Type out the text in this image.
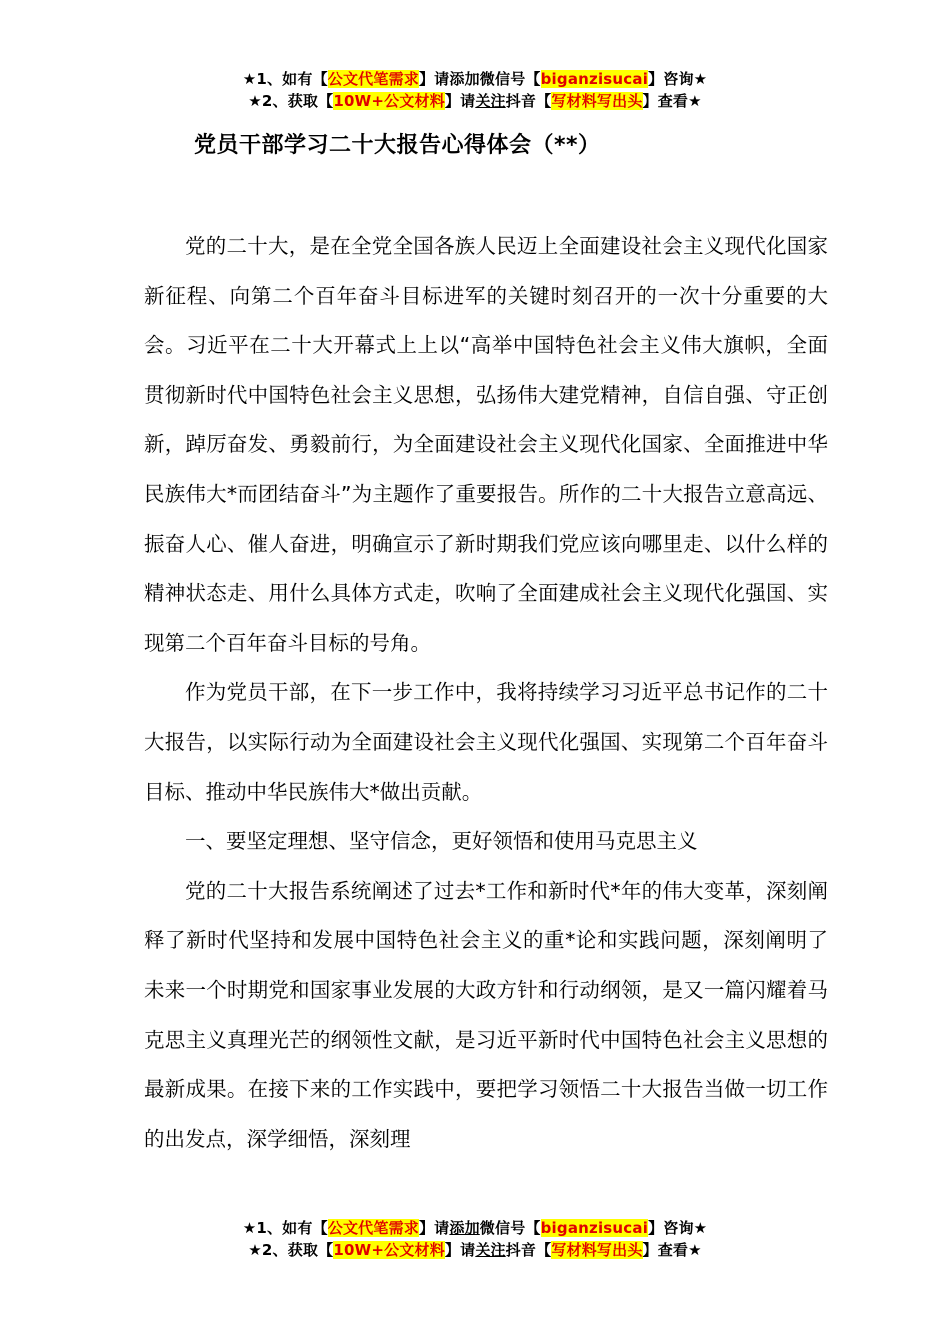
★1、如有【公文代笔需求】请添加微信号【biganzisucai】咨询★
★2、获取【10W+公文材料】请关注抖音【写材料写出头】查看★
党员干部学习二十大报告心得体会（**）

党的二十大，是在全党全国各族人民迈上全面建设社会主义现代化国家新征程、向第二个百年奋斗目标进军的关键时刻召开的一次十分重要的大会。习近平在二十大开幕式上上以“高举中国特色社会主义伟大旗帜，全面贯彻新时代中国特色社会主义思想，弘扬伟大建党精神，自信自强、守正创新，踔厉奋发、勇毅前行，为全面建设社会主义现代化国家、全面推进中华民族伟大*而团结奋斗”为主题作了重要报告。所作的二十大报告立意高远、振奋人心、催人奋进，明确宣示了新时期我们党应该向哪里走、以什么样的精神状态走、用什么具体方式走，吹响了全面建成社会主义现代化强国、实现第二个百年奋斗目标的号角。

作为党员干部，在下一步工作中，我将持续学习习近平总书记作的二十大报告，以实际行动为全面建设社会主义现代化强国、实现第二个百年奋斗目标、推动中华民族伟大*做出贡献。

一、要坚定理想、坚守信念，更好领悟和使用马克思主义

党的二十大报告系统阐述了过去*工作和新时代*年的伟大变革，深刻阐释了新时代坚持和发展中国特色社会主义的重*论和实践问题，深刻阐明了未来一个时期党和国家事业发展的大政方针和行动纲领，是又一篇闪耀着马克思主义真理光芒的纲领性文献，是习近平新时代中国特色社会主义思想的最新成果。在接下来的工作实践中，要把学习领悟二十大报告当做一切工作的出发点，深学细悟，深刻理

★1、如有【公文代笔需求】请添加微信号【biganzisucai】咨询★
★2、获取【10W+公文材料】请关注抖音【写材料写出头】查看★
